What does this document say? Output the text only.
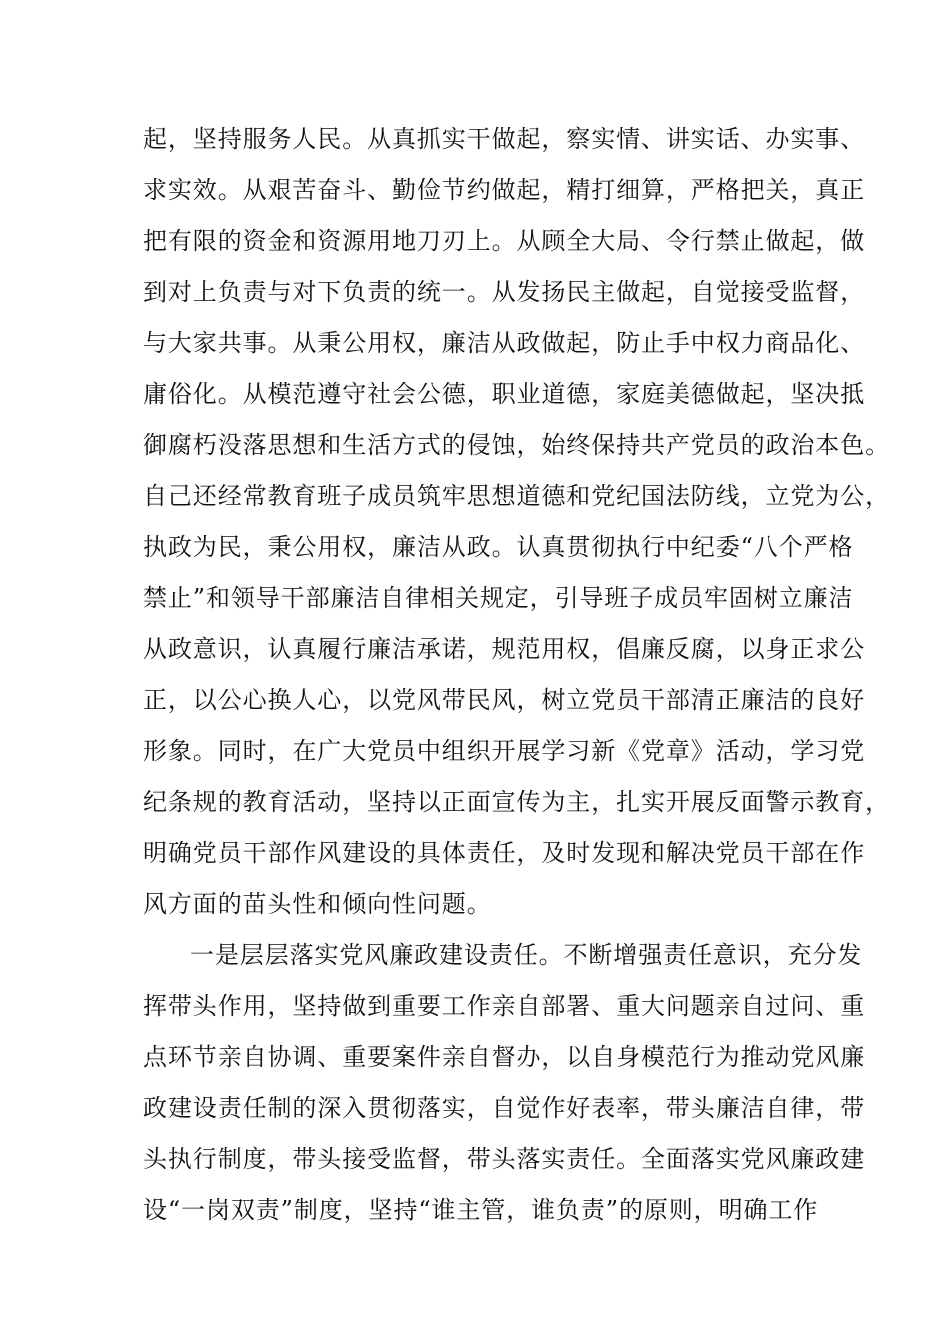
起，坚持服务人民。从真抓实干做起，察实情、讲实话、办实事、
求实效。从艰苦奋斗、勤俭节约做起，精打细算，严格把关，真正
把有限的资金和资源用地刀刃上。从顾全大局、令行禁止做起，做
到对上负责与对下负责的统一。从发扬民主做起，自觉接受监督，
与大家共事。从秉公用权，廉洁从政做起，防止手中权力商品化、
庸俗化。从模范遵守社会公德，职业道德，家庭美德做起，坚决抵
御腐朽没落思想和生活方式的侵蚀，始终保持共产党员的政治本色。
自己还经常教育班子成员筑牢思想道德和党纪国法防线，立党为公，
执政为民，秉公用权，廉洁从政。认真贯彻执行中纪委“八个严格
禁止”和领导干部廉洁自律相关规定，引导班子成员牢固树立廉洁
从政意识，认真履行廉洁承诺，规范用权，倡廉反腐，以身正求公
正，以公心换人心，以党风带民风，树立党员干部清正廉洁的良好
形象。同时，在广大党员中组织开展学习新《党章》活动，学习党
纪条规的教育活动，坚持以正面宣传为主，扎实开展反面警示教育，
明确党员干部作风建设的具体责任，及时发现和解决党员干部在作
风方面的苗头性和倾向性问题。
一是层层落实党风廉政建设责任。不断增强责任意识，充分发
挥带头作用，坚持做到重要工作亲自部署、重大问题亲自过问、重
点环节亲自协调、重要案件亲自督办，以自身模范行为推动党风廉
政建设责任制的深入贯彻落实，自觉作好表率，带头廉洁自律，带
头执行制度，带头接受监督，带头落实责任。全面落实党风廉政建
设“一岗双责”制度，坚持“谁主管，谁负责”的原则，明确工作
